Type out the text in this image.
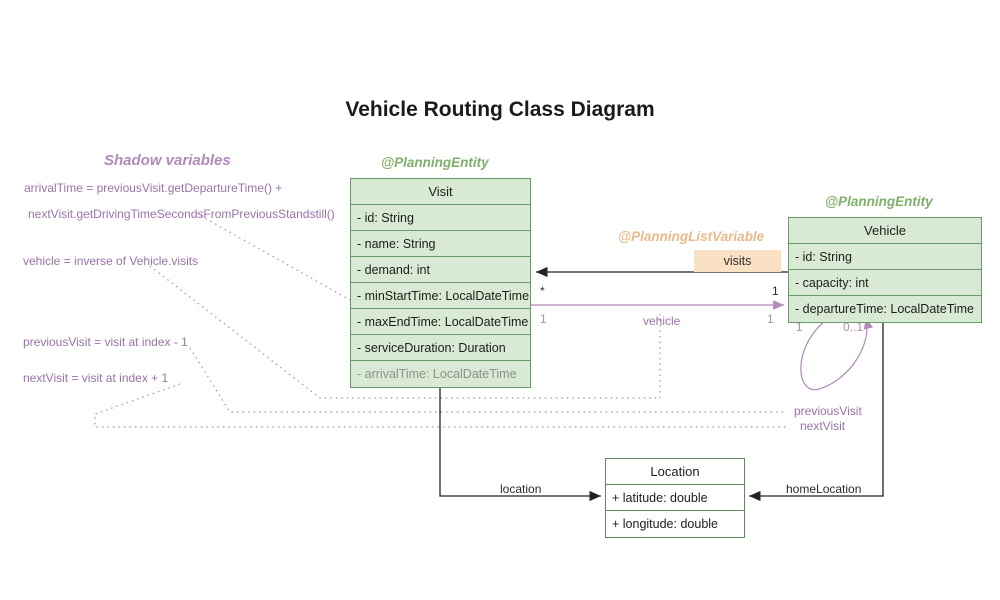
Vehicle Routing Class Diagram
@PlanningEntity
Visit
- id: String
- name: String
- demand: int
- minStartTime: LocalDateTime
- maxEndTime: LocalDateTime
- serviceDuration: Duration
- arrivalTime: LocalDateTime
@PlanningEntity
Vehicle
- id: String
- capacity: int
- departureTime: LocalDateTime
Location
+ latitude: double
+ longitude: double
@PlanningListVariable
visits
Shadow variables
arrivalTime = previousVisit.getDepartureTime() +
nextVisit.getDrivingTimeSecondsFromPreviousStandstill()
vehicle = inverse of Vehicle.visits
previousVisit = visit at index - 1
nextVisit = visit at index + 1
*	1
1	vehicle	1
1	0..1
previousVisit
nextVisit
location	homeLocation
